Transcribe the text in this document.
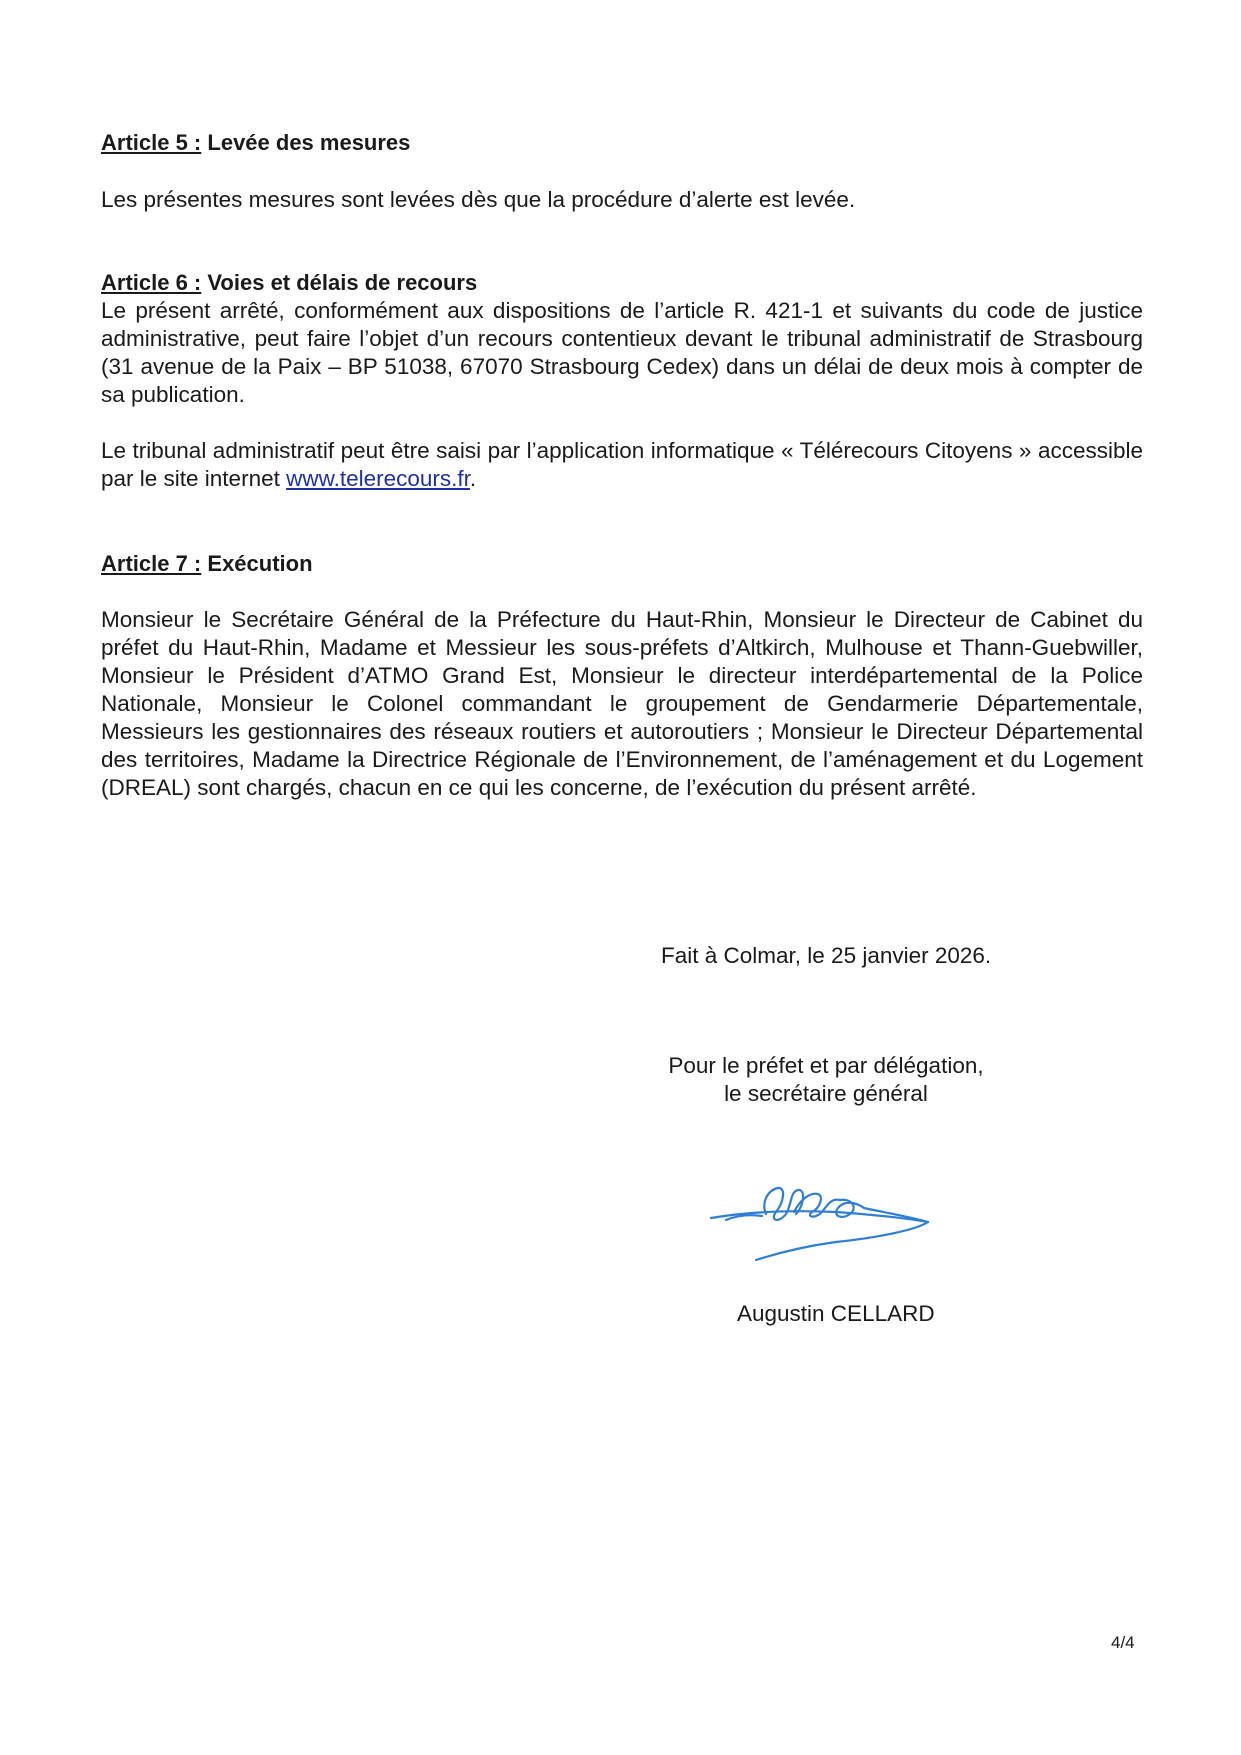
Article 5 : Levée des mesures

Les présentes mesures sont levées dès que la procédure d’alerte est levée.

Article 6 : Voies et délais de recours

Le présent arrêté, conformément aux dispositions de l’article R. 421-1 et suivants du code de justice administrative, peut faire l’objet d’un recours contentieux devant le tribunal administratif de Strasbourg (31 avenue de la Paix – BP 51038, 67070 Strasbourg Cedex) dans un délai de deux mois à compter de sa publication.

Le tribunal administratif peut être saisi par l’application informatique « Télérecours Citoyens » accessible par le site internet www.telerecours.fr.

Article 7 : Exécution

Monsieur le Secrétaire Général de la Préfecture du Haut-Rhin, Monsieur le Directeur de Cabinet du préfet du Haut-Rhin, Madame et Messieur les sous-préfets d’Altkirch, Mulhouse et Thann-Guebwiller, Monsieur le Président d’ATMO Grand Est, Monsieur le directeur interdépartemental de la Police Nationale, Monsieur le Colonel commandant le groupement de Gendarmerie Départementale, Messieurs les gestionnaires des réseaux routiers et autoroutiers ; Monsieur le Directeur Départemental des territoires, Madame la Directrice Régionale de l’Environnement, de l’aménagement et du Logement (DREAL) sont chargés, chacun en ce qui les concerne, de l’exécution du présent arrêté.

Fait à Colmar, le 25 janvier 2026.
Pour le préfet et par délégation,
le secrétaire général
Augustin CELLARD
4/4
